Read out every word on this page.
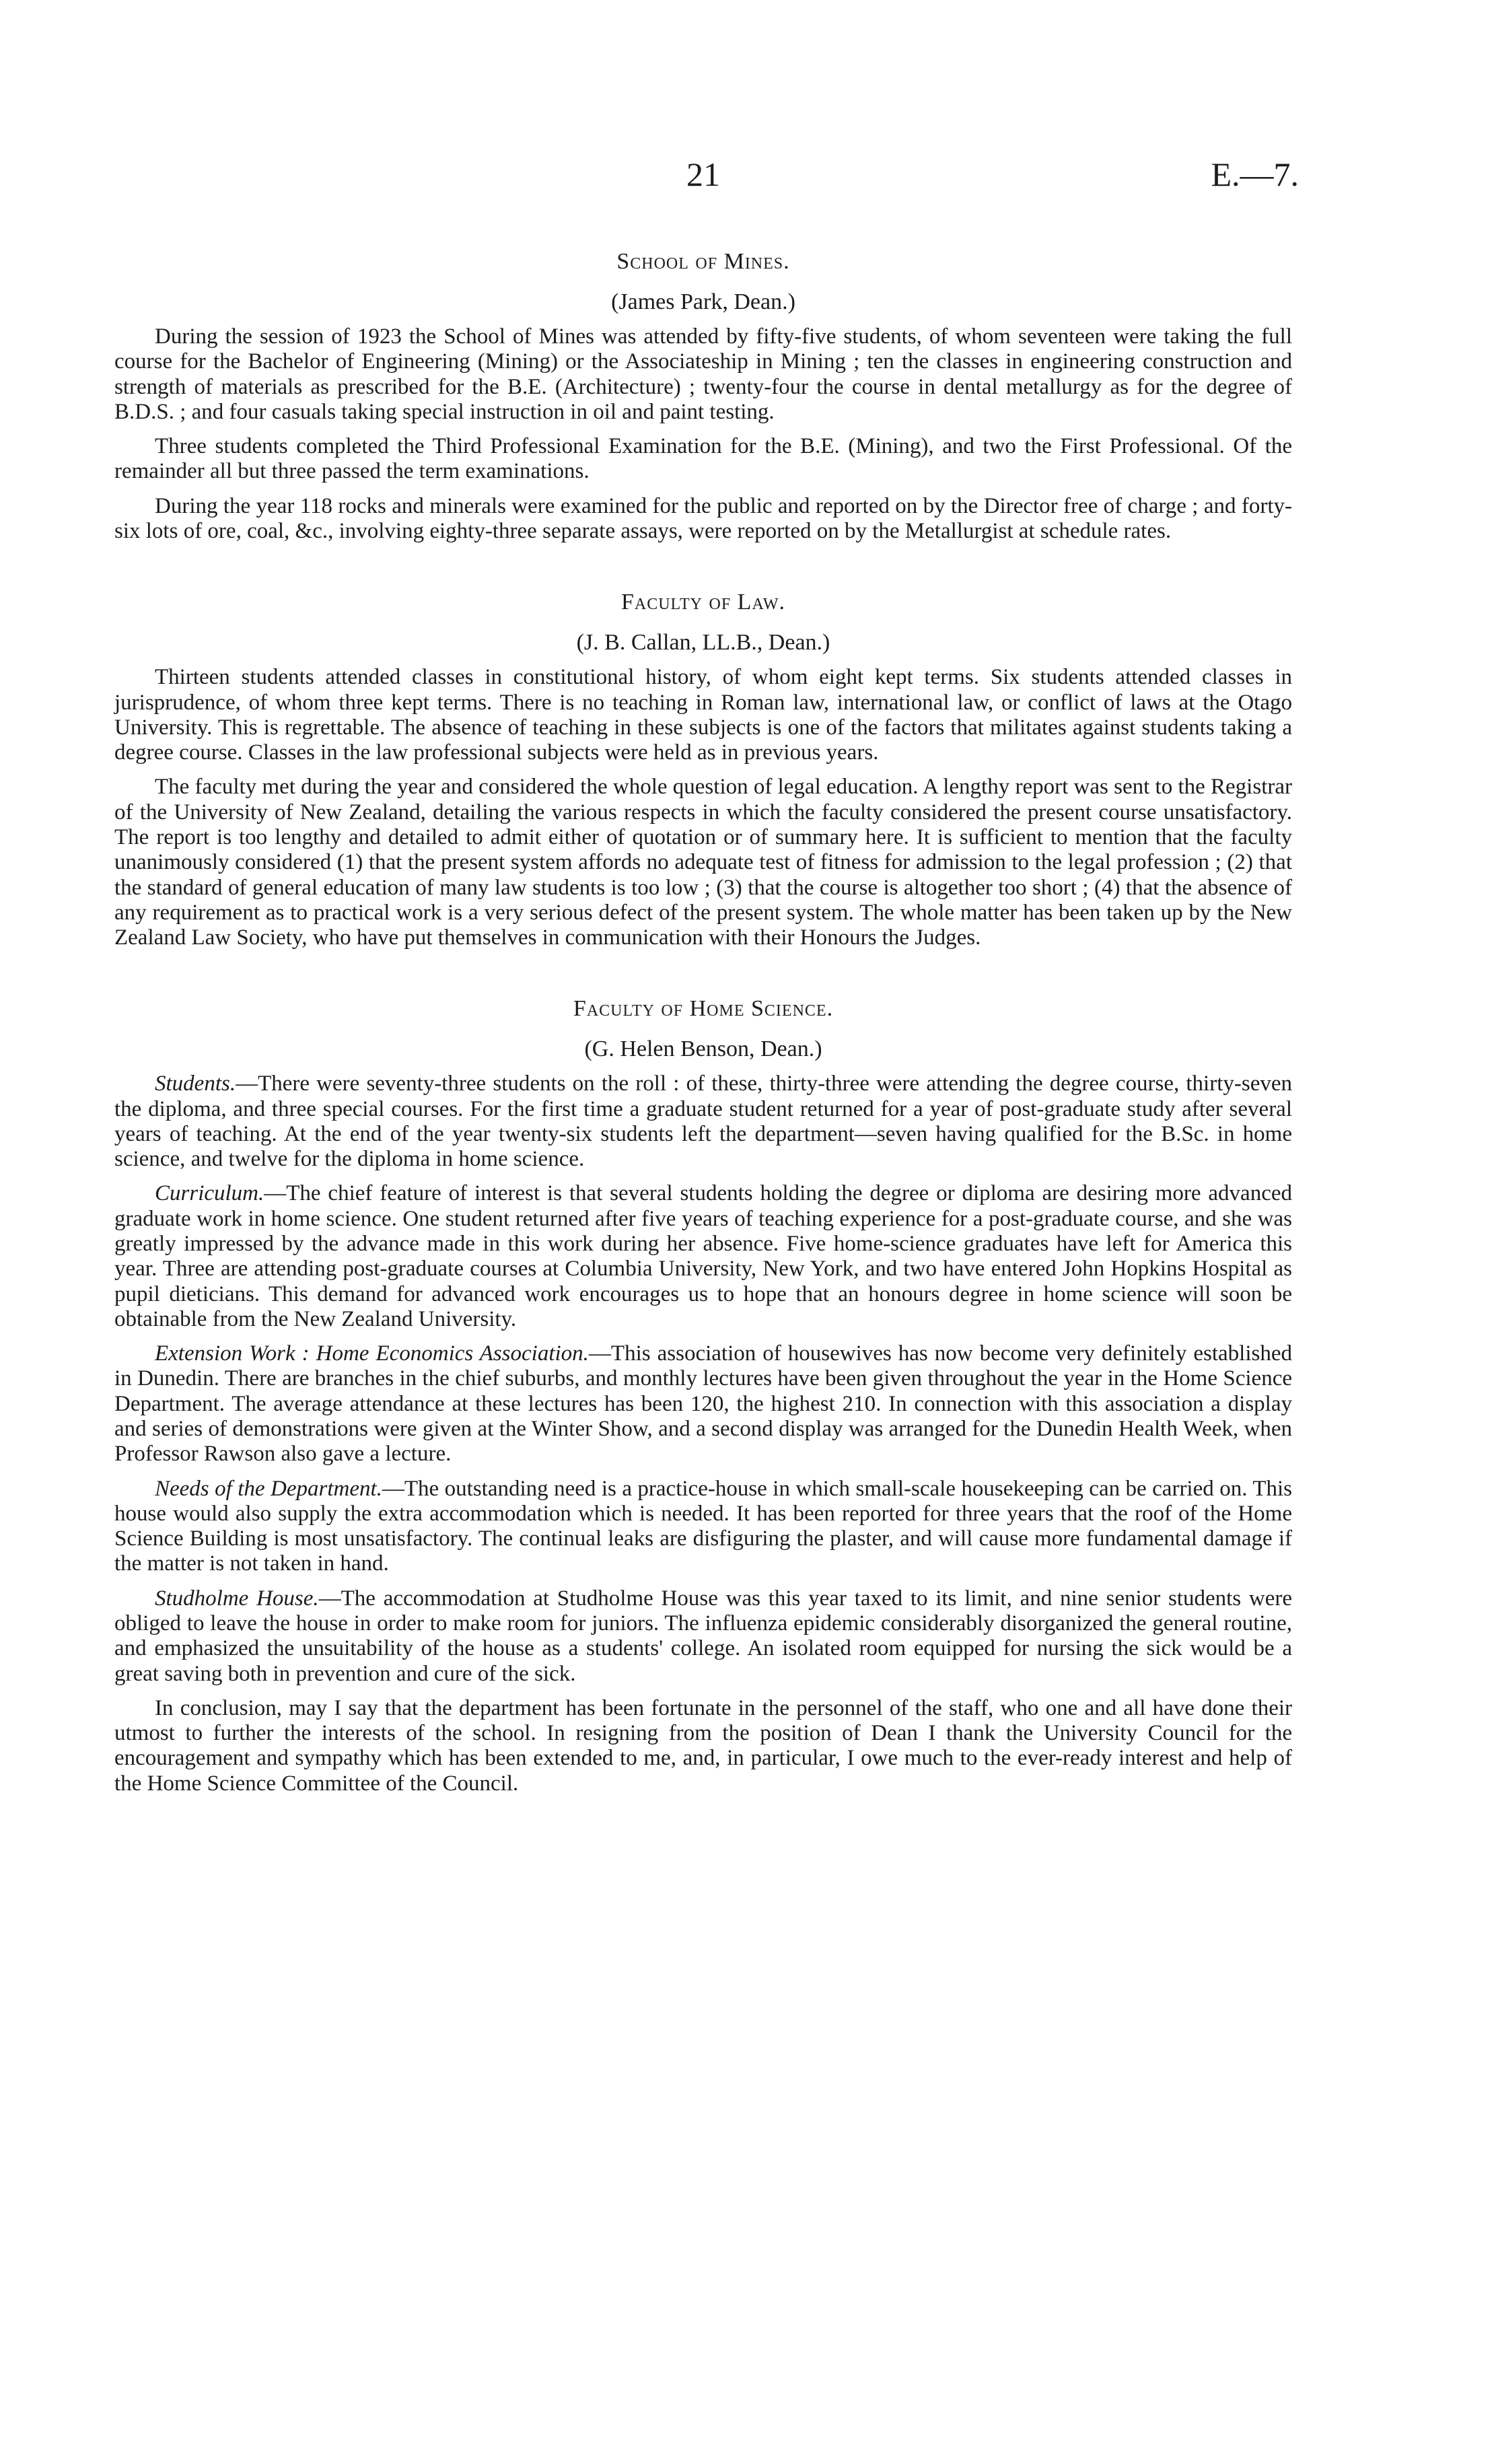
21	E.—7.
School of Mines.
(James Park, Dean.)

During the session of 1923 the School of Mines was attended by fifty-five students, of whom seventeen were taking the full course for the Bachelor of Engineering (Mining) or the Associateship in Mining ; ten the classes in engineering construction and strength of materials as prescribed for the B.E. (Architecture) ; twenty-four the course in dental metallurgy as for the degree of B.D.S. ; and four casuals taking special instruction in oil and paint testing.

Three students completed the Third Professional Examination for the B.E. (Mining), and two the First Professional. Of the remainder all but three passed the term examinations.

During the year 118 rocks and minerals were examined for the public and reported on by the Director free of charge ; and forty-six lots of ore, coal, &c., involving eighty-three separate assays, were reported on by the Metallurgist at schedule rates.

Faculty of Law.
(J. B. Callan, LL.B., Dean.)

Thirteen students attended classes in constitutional history, of whom eight kept terms. Six students attended classes in jurisprudence, of whom three kept terms. There is no teaching in Roman law, international law, or conflict of laws at the Otago University. This is regrettable. The absence of teaching in these subjects is one of the factors that militates against students taking a degree course. Classes in the law professional subjects were held as in previous years.

The faculty met during the year and considered the whole question of legal education. A lengthy report was sent to the Registrar of the University of New Zealand, detailing the various respects in which the faculty considered the present course unsatisfactory. The report is too lengthy and detailed to admit either of quotation or of summary here. It is sufficient to mention that the faculty unanimously considered (1) that the present system affords no adequate test of fitness for admission to the legal profession ; (2) that the standard of general education of many law students is too low ; (3) that the course is altogether too short ; (4) that the absence of any requirement as to practical work is a very serious defect of the present system. The whole matter has been taken up by the New Zealand Law Society, who have put themselves in communication with their Honours the Judges.

Faculty of Home Science.
(G. Helen Benson, Dean.)

Students.—There were seventy-three students on the roll : of these, thirty-three were attending the degree course, thirty-seven the diploma, and three special courses. For the first time a graduate student returned for a year of post-graduate study after several years of teaching. At the end of the year twenty-six students left the department—seven having qualified for the B.Sc. in home science, and twelve for the diploma in home science.

Curriculum.—The chief feature of interest is that several students holding the degree or diploma are desiring more advanced graduate work in home science. One student returned after five years of teaching experience for a post-graduate course, and she was greatly impressed by the advance made in this work during her absence. Five home-science graduates have left for America this year. Three are attending post-graduate courses at Columbia University, New York, and two have entered John Hopkins Hospital as pupil dieticians. This demand for advanced work encourages us to hope that an honours degree in home science will soon be obtainable from the New Zealand University.

Extension Work : Home Economics Association.—This association of housewives has now become very definitely established in Dunedin. There are branches in the chief suburbs, and monthly lectures have been given throughout the year in the Home Science Department. The average attendance at these lectures has been 120, the highest 210. In connection with this association a display and series of demonstrations were given at the Winter Show, and a second display was arranged for the Dunedin Health Week, when Professor Rawson also gave a lecture.

Needs of the Department.—The outstanding need is a practice-house in which small-scale housekeeping can be carried on. This house would also supply the extra accommodation which is needed. It has been reported for three years that the roof of the Home Science Building is most unsatisfactory. The continual leaks are disfiguring the plaster, and will cause more fundamental damage if the matter is not taken in hand.

Studholme House.—The accommodation at Studholme House was this year taxed to its limit, and nine senior students were obliged to leave the house in order to make room for juniors. The influenza epidemic considerably disorganized the general routine, and emphasized the unsuitability of the house as a students' college. An isolated room equipped for nursing the sick would be a great saving both in prevention and cure of the sick.

In conclusion, may I say that the department has been fortunate in the personnel of the staff, who one and all have done their utmost to further the interests of the school. In resigning from the position of Dean I thank the University Council for the encouragement and sympathy which has been extended to me, and, in particular, I owe much to the ever-ready interest and help of the Home Science Committee of the Council.
